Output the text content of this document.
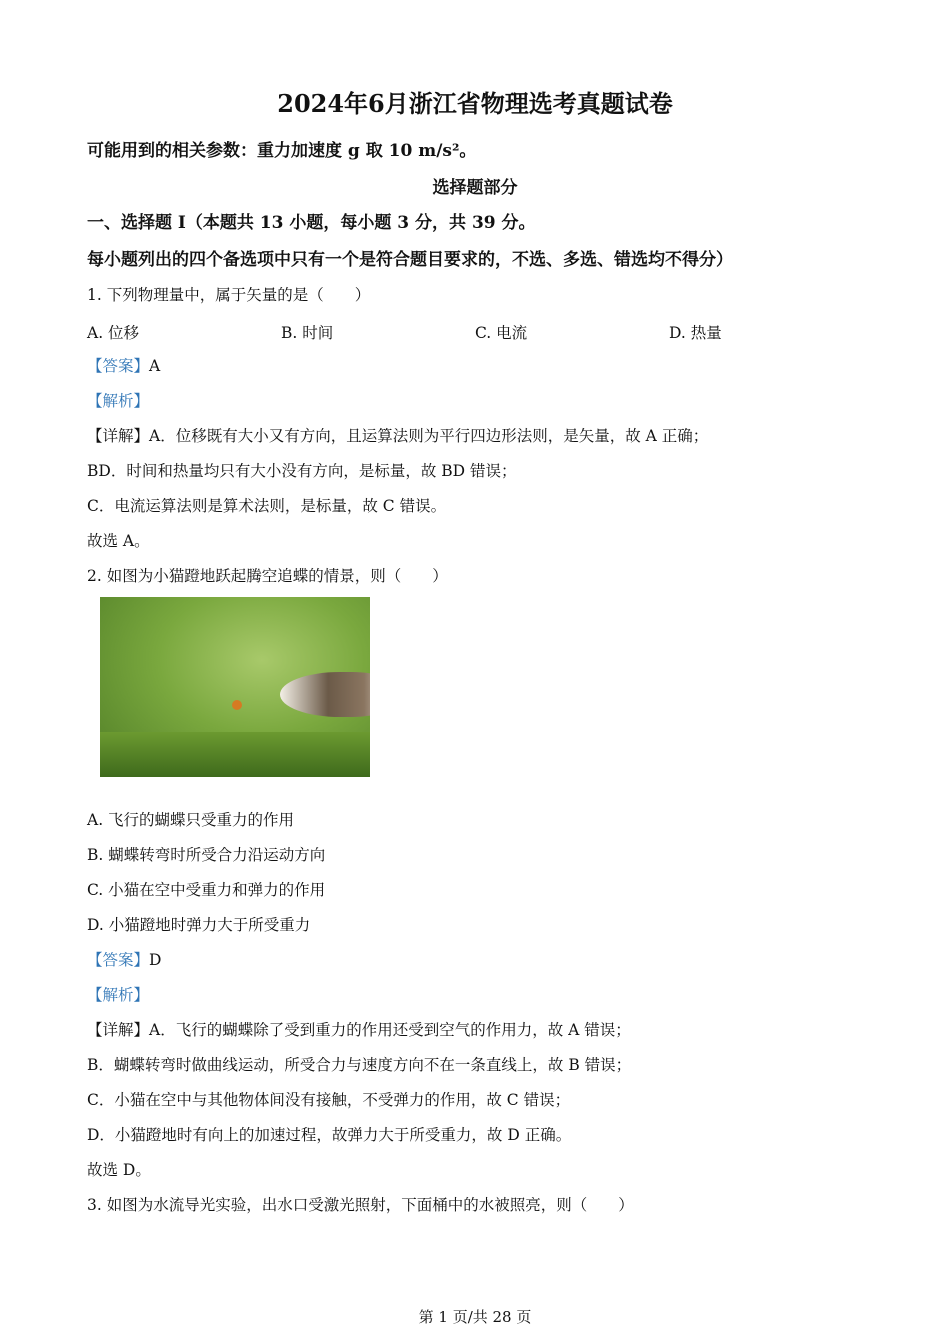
2024年6月浙江省物理选考真题试卷
可能用到的相关参数：重力加速度 g 取 10 m/s²。
选择题部分
一、选择题 I（本题共 13 小题，每小题 3 分，共 39 分。
每小题列出的四个备选项中只有一个是符合题目要求的，不选、多选、错选均不得分）
1. 下列物理量中，属于矢量的是（　　）
A. 位移	B. 时间	C. 电流	D. 热量
【答案】A
【解析】
【详解】A．位移既有大小又有方向，且运算法则为平行四边形法则，是矢量，故 A 正确；
BD．时间和热量均只有大小没有方向，是标量，故 BD 错误；
C．电流运算法则是算术法则，是标量，故 C 错误。
故选 A。
2. 如图为小猫蹬地跃起腾空追蝶的情景，则（　　）
A. 飞行的蝴蝶只受重力的作用
B. 蝴蝶转弯时所受合力沿运动方向
C. 小猫在空中受重力和弹力的作用
D. 小猫蹬地时弹力大于所受重力
【答案】D
【解析】
【详解】A．飞行的蝴蝶除了受到重力的作用还受到空气的作用力，故 A 错误；
B．蝴蝶转弯时做曲线运动，所受合力与速度方向不在一条直线上，故 B 错误；
C．小猫在空中与其他物体间没有接触，不受弹力的作用，故 C 错误；
D．小猫蹬地时有向上的加速过程，故弹力大于所受重力，故 D 正确。
故选 D。
3. 如图为水流导光实验，出水口受激光照射，下面桶中的水被照亮，则（　　）
第 1 页/共 28 页
